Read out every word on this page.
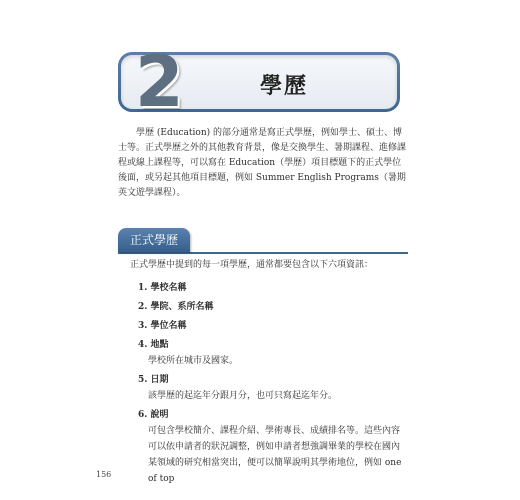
2	學歷

學歷 (Education) 的部分通常是寫正式學歷，例如學士、碩士、博士等。正式學歷之外的其他教育背景，像是交換學生、暑期課程、進修課程或線上課程等，可以寫在 Education（學歷）項目標題下的正式學位後面，或另起其他項目標題，例如 Summer English Programs（暑期英文遊學課程）。

正式學歷

正式學歷中提到的每一項學歷，通常都要包含以下六項資訊：

1. 學校名稱
2. 學院、系所名稱
3. 學位名稱
4. 地點
學校所在城市及國家。
5. 日期
該學歷的起迄年分跟月分，也可只寫起迄年分。
6. 說明
可包含學校簡介、課程介紹、學術專長、成績排名等。這些內容可以依申請者的狀況調整，例如申請者想強調畢業的學校在國內某領域的研究相當突出，便可以簡單說明其學術地位，例如 one of top
156
